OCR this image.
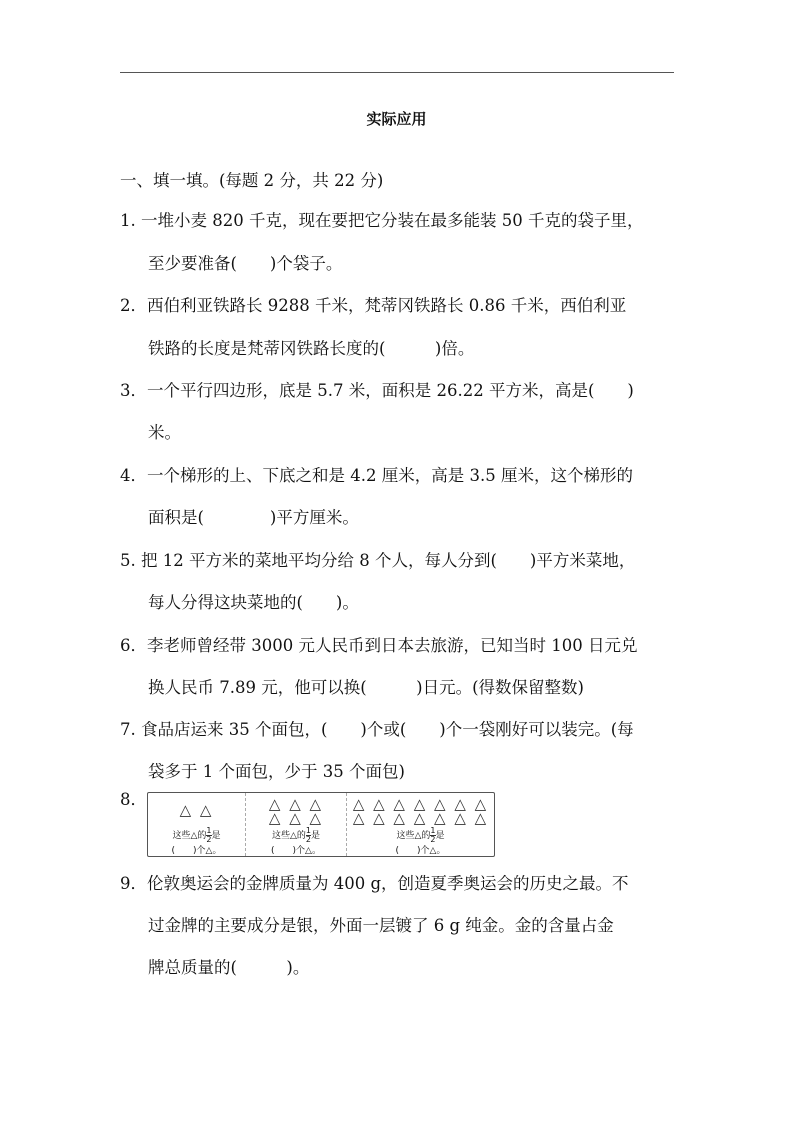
实际应用
一、填一填。(每题 2 分，共 22 分)
1. 一堆小麦 820 千克，现在要把它分装在最多能装 50 千克的袋子里，
至少要准备(　　)个袋子。
2．西伯利亚铁路长 9288 千米，梵蒂冈铁路长 0.86 千米，西伯利亚
铁路的长度是梵蒂冈铁路长度的(　　　)倍。
3．一个平行四边形，底是 5.7 米，面积是 26.22 平方米，高是(　　)
米。
4．一个梯形的上、下底之和是 4.2 厘米，高是 3.5 厘米，这个梯形的
面积是(　　　　)平方厘米。
5. 把 12 平方米的菜地平均分给 8 个人，每人分到(　　)平方米菜地，
每人分得这块菜地的(　　)。
6．李老师曾经带 3000 元人民币到日本去旅游，已知当时 100 日元兑
换人民币 7.89 元，他可以换(　　　)日元。(得数保留整数)
7. 食品店运来 35 个面包，(　　)个或(　　)个一袋刚好可以装完。(每
袋多于 1 个面包，少于 35 个面包)
8．
△ △
这些△的 $\frac{1}{2}$ 是
(　　)个△。
△ △ △
△ △ △
这些△的 $\frac{1}{2}$ 是
(　　)个△。
△ △ △ △ △ △ △
△ △ △ △ △ △ △
这些△的 $\frac{1}{2}$ 是
(　　)个△。
9．伦敦奥运会的金牌质量为 400 g，创造夏季奥运会的历史之最。不
过金牌的主要成分是银，外面一层镀了 6 g 纯金。金的含量占金
牌总质量的(　　　)。
